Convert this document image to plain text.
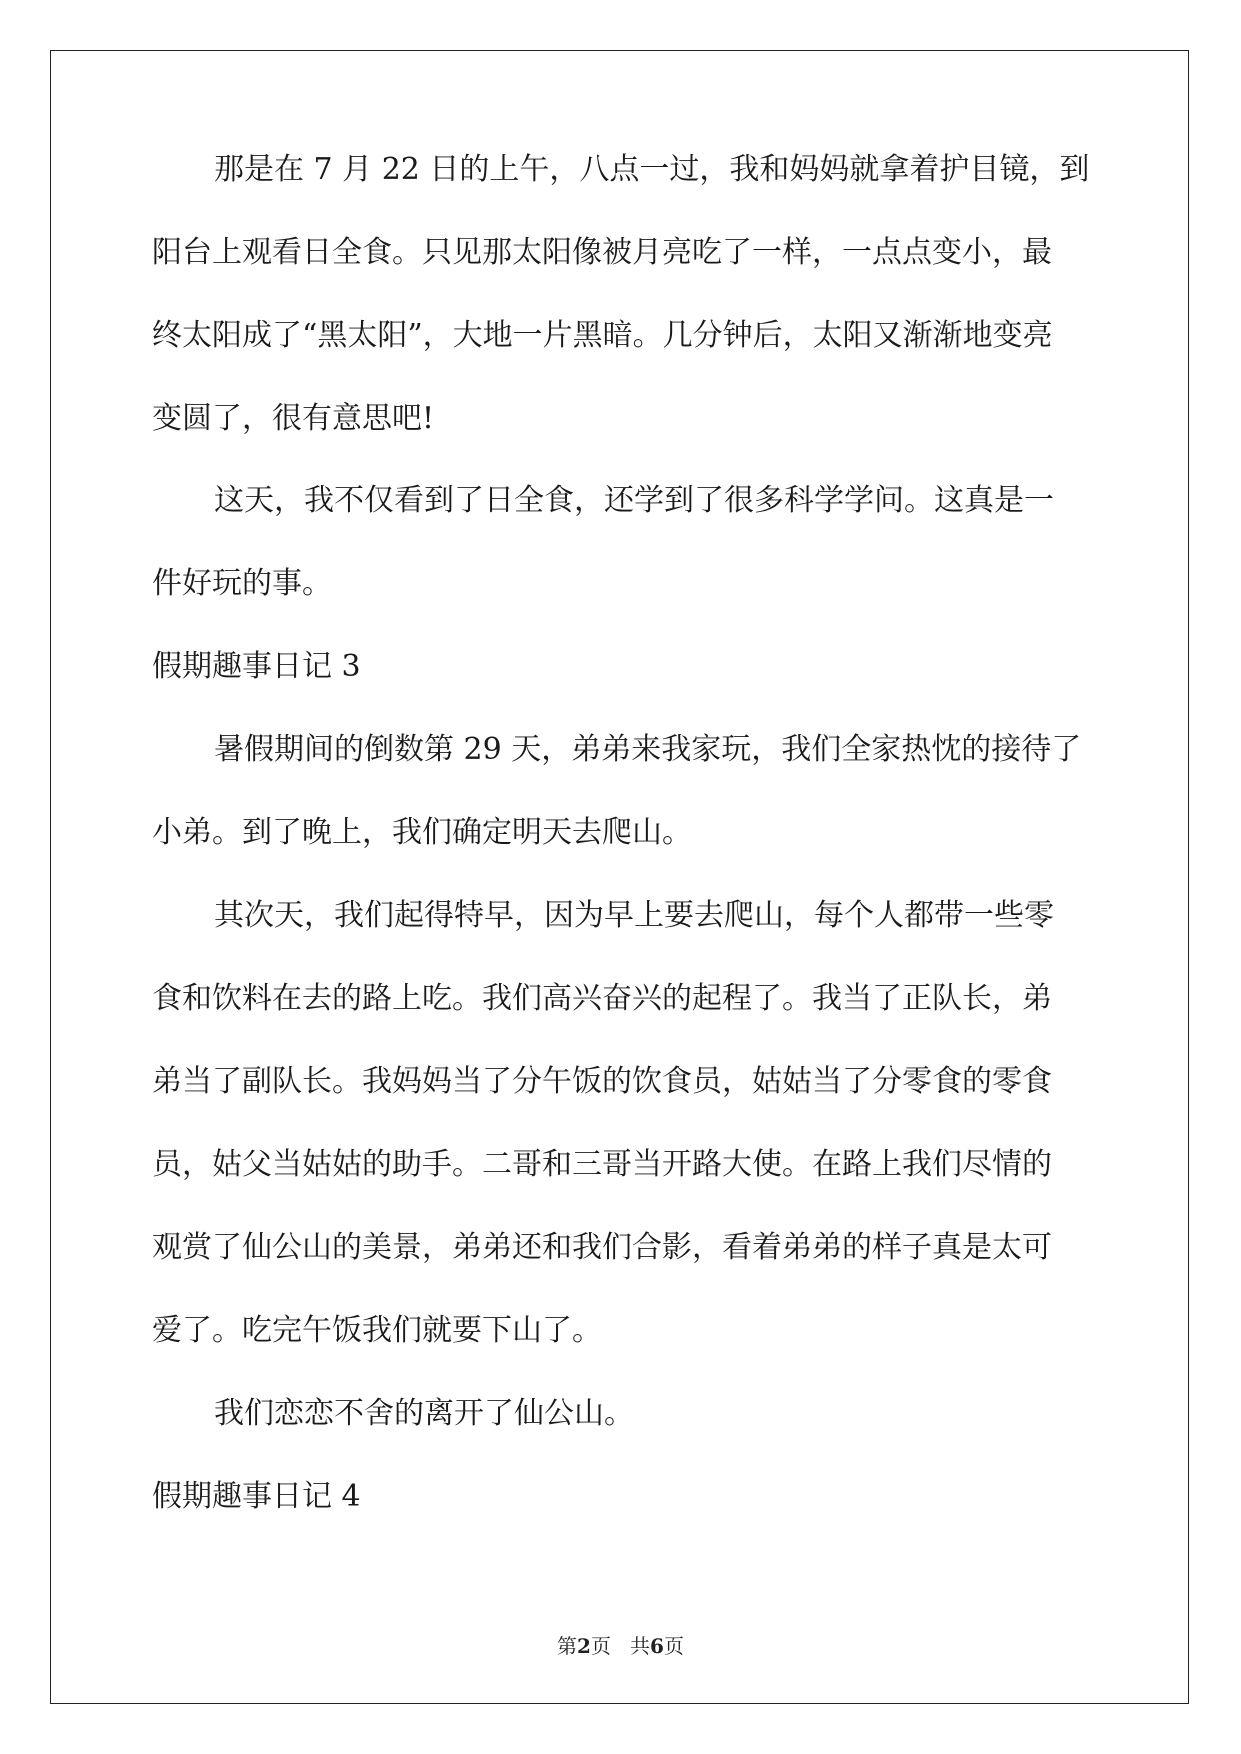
那是在 7 月 22 日的上午，八点一过，我和妈妈就拿着护目镜，到
阳台上观看日全食。只见那太阳像被月亮吃了一样，一点点变小，最
终太阳成了“黑太阳”，大地一片黑暗。几分钟后，太阳又渐渐地变亮
变圆了，很有意思吧!
这天，我不仅看到了日全食，还学到了很多科学学问。这真是一
件好玩的事。
假期趣事日记 3
暑假期间的倒数第 29 天，弟弟来我家玩，我们全家热忱的接待了
小弟。到了晚上，我们确定明天去爬山。
其次天，我们起得特早，因为早上要去爬山，每个人都带一些零
食和饮料在去的路上吃。我们高兴奋兴的起程了。我当了正队长，弟
弟当了副队长。我妈妈当了分午饭的饮食员，姑姑当了分零食的零食
员，姑父当姑姑的助手。二哥和三哥当开路大使。在路上我们尽情的
观赏了仙公山的美景，弟弟还和我们合影，看着弟弟的样子真是太可
爱了。吃完午饭我们就要下山了。
我们恋恋不舍的离开了仙公山。
假期趣事日记 4
第2页 共6页
